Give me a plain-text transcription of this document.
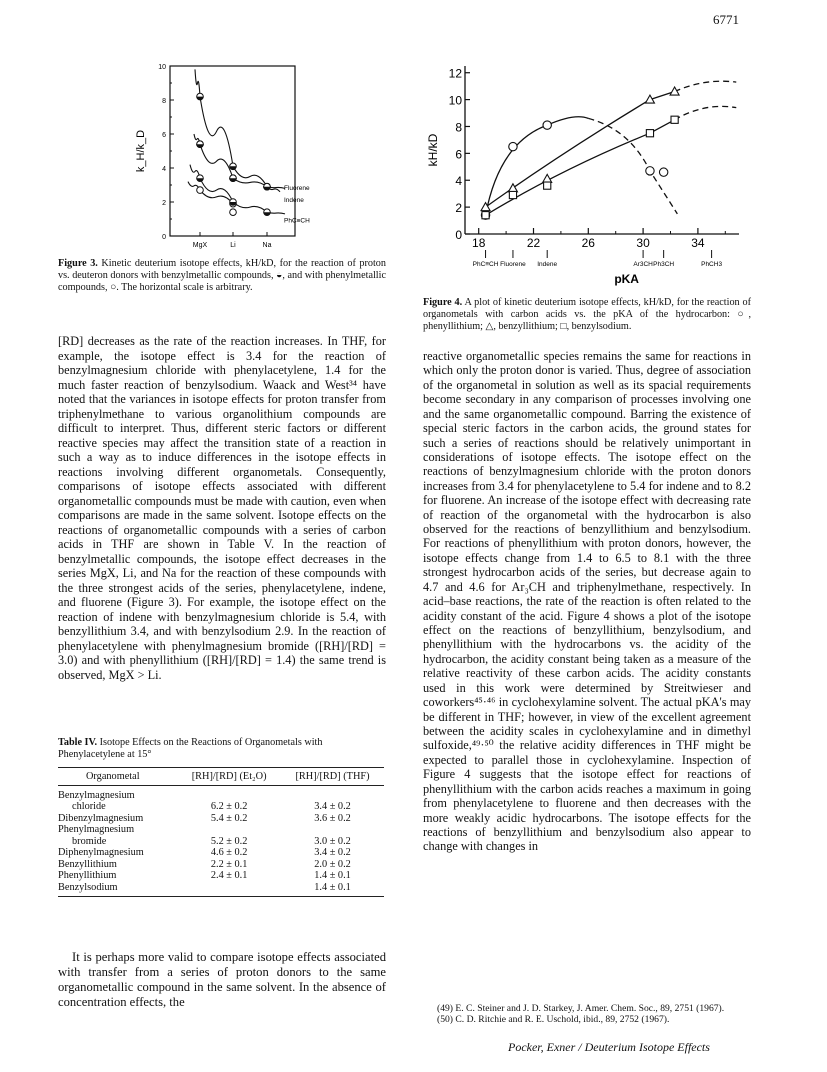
6771
0
2
4
6
8
10
MgX	Li	Na
k_H/k_D
Fluorene
Indene
PhC≡CH
Figure 3. Kinetic deuterium isotope effects, kH/kD, for the reaction of proton vs. deuteron donors with benzylmetallic compounds, ◒, and with phenylmetallic compounds, ○. The horizontal scale is arbitrary.
0
2
4
6
8
10
12
18	22	26	30	34
kH/kD
pKA
PhC≡CH Fluorene Indene	Ar3CH Ph3CH	PhCH3
Figure 4. A plot of kinetic deuterium isotope effects, kH/kD, for the reaction of organometals with carbon acids vs. the pKA of the hydrocarbon: ○, phenyllithium; △, benzyllithium; □, benzylsodium.

[RD] decreases as the rate of the reaction increases. In THF, for example, the isotope effect is 3.4 for the reaction of benzylmagnesium chloride with phenylacetylene, 1.4 for the much faster reaction of benzylsodium. Waack and West³⁴ have noted that the variances in isotope effects for proton transfer from triphenylmethane to various organolithium compounds are difficult to interpret. Thus, different steric factors or different reactive species may affect the transition state of a reaction in such a way as to induce differences in the isotope effects in reactions involving different organometals. Consequently, comparisons of isotope effects associated with different organometallic compounds must be made with caution, even when comparisons are made in the same solvent. Isotope effects on the reactions of organometallic compounds with a series of carbon acids in THF are shown in Table V. In the reaction of benzylmetallic compounds, the isotope effect decreases in the series MgX, Li, and Na for the reaction of these compounds with the three strongest acids of the series, phenylacetylene, indene, and fluorene (Figure 3). For example, the isotope effect on the reaction of indene with benzylmagnesium chloride is 5.4, with benzyllithium 3.4, and with benzylsodium 2.9. In the reaction of phenylacetylene with phenylmagnesium bromide ([RH]/[RD] = 3.0) and with phenyllithium ([RH]/[RD] = 1.4) the same trend is observed, MgX > Li.

Table IV. Isotope Effects on the Reactions of Organometals with Phenylacetylene at 15°
Organometal	[RH]/[RD] (Et₂O)	[RH]/[RD] (THF)

Benzylmagnesium		
chloride	6.2 ± 0.2	3.4 ± 0.2
Dibenzylmagnesium	5.4 ± 0.2	3.6 ± 0.2
Phenylmagnesium		
bromide	5.2 ± 0.2	3.0 ± 0.2
Diphenylmagnesium	4.6 ± 0.2	3.4 ± 0.2
Benzyllithium	2.2 ± 0.1	2.0 ± 0.2
Phenyllithium	2.4 ± 0.1	1.4 ± 0.1
Benzylsodium		1.4 ± 0.1
It is perhaps more valid to compare isotope effects associated with transfer from a series of proton donors to the same organometallic compound in the same solvent. In the absence of concentration effects, the
reactive organometallic species remains the same for reactions in which only the proton donor is varied. Thus, degree of association of the organometal in solution as well as its spacial requirements become secondary in any comparison of processes involving one and the same organometallic compound. Barring the existence of special steric factors in the carbon acids, the ground states for such a series of reactions should be relatively unimportant in considerations of isotope effects. The isotope effect on the reactions of benzylmagnesium chloride with the proton donors increases from 3.4 for phenylacetylene to 5.4 for indene and to 8.2 for fluorene. An increase of the isotope effect with decreasing rate of reaction of the organometal with the hydrocarbon is also observed for the reactions of benzyllithium and benzylsodium. For reactions of phenyllithium with proton donors, however, the isotope effects change from 1.4 to 6.5 to 8.1 with the three strongest hydrocarbon acids of the series, but decrease again to 4.7 and 4.6 for Ar₃CH and triphenylmethane, respectively. In acid–base reactions, the rate of the reaction is often related to the acidity constant of the acid. Figure 4 shows a plot of the isotope effect on the reactions of benzyllithium, benzylsodium, and phenyllithium with the hydrocarbons vs. the acidity of the hydrocarbon, the acidity constant being taken as a measure of the relative reactivity of these carbon acids. The acidity constants used in this work were determined by Streitwieser and coworkers⁴⁵·⁴⁶ in cyclohexylamine solvent. The actual pKA's may be different in THF; however, in view of the excellent agreement between the acidity scales in cyclohexylamine and in dimethyl sulfoxide,⁴⁹·⁵⁰ the relative acidity differences in THF might be expected to parallel those in cyclohexylamine. Inspection of Figure 4 suggests that the isotope effect for reactions of phenyllithium with the carbon acids reaches a maximum in going from phenylacetylene to fluorene and then decreases with the more weakly acidic hydrocarbons. The isotope effects for the reactions of benzyllithium and benzylsodium also appear to change with changes in
(49) E. C. Steiner and J. D. Starkey, J. Amer. Chem. Soc., 89, 2751 (1967).
(50) C. D. Ritchie and R. E. Uschold, ibid., 89, 2752 (1967).
Pocker, Exner / Deuterium Isotope Effects
